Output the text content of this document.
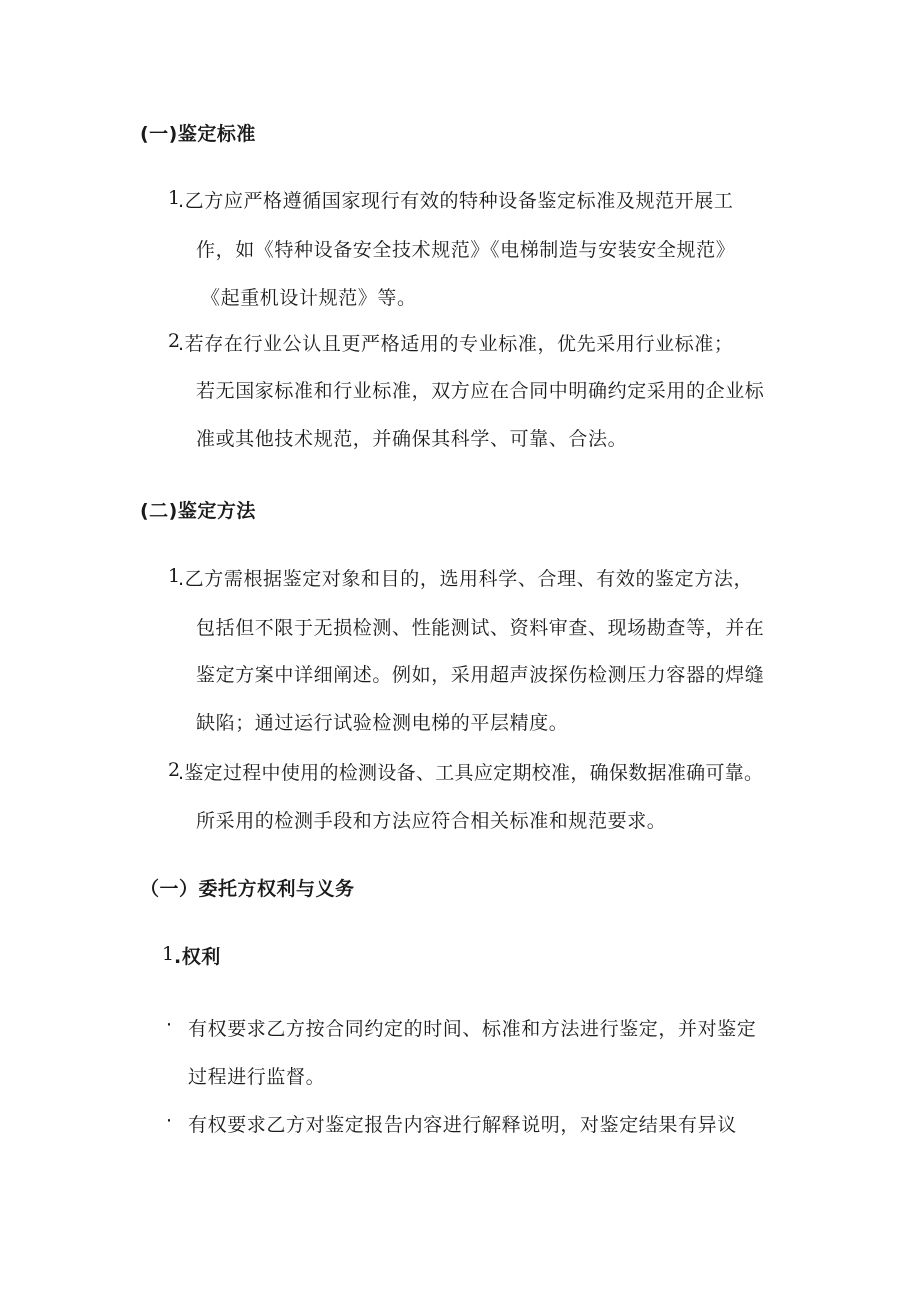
(一)鉴定标准
1
.乙方应严格遵循国家现行有效的特种设备鉴定标准及规范开展工
作，如《特种设备安全技术规范》《电梯制造与安装安全规范》
《起重机设计规范》等。
2
.若存在行业公认且更严格适用的专业标准，优先采用行业标准；
若无国家标准和行业标准，双方应在合同中明确约定采用的企业标
准或其他技术规范，并确保其科学、可靠、合法。
(二)鉴定方法
1
.乙方需根据鉴定对象和目的，选用科学、合理、有效的鉴定方法，
包括但不限于无损检测、性能测试、资料审查、现场勘查等，并在
鉴定方案中详细阐述。例如，采用超声波探伤检测压力容器的焊缝
缺陷；通过运行试验检测电梯的平层精度。
2
.鉴定过程中使用的检测设备、工具应定期校准，确保数据准确可靠。
所采用的检测手段和方法应符合相关标准和规范要求。
（一）委托方权利与义务
1 .权利
· 有权要求乙方按合同约定的时间、标准和方法进行鉴定，并对鉴定
过程进行监督。
· 有权要求乙方对鉴定报告内容进行解释说明，对鉴定结果有异议
